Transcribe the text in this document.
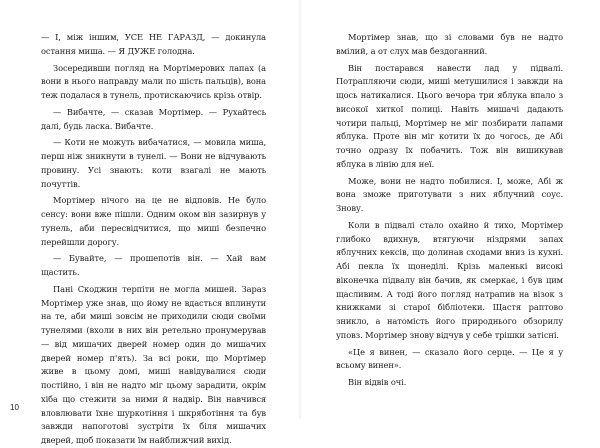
— І, між іншим, УСЕ НЕ ГАРАЗД, — докинула остання миша. — Я ДУЖЕ голодна.

Зосередивши погляд на Мортімерових лапах (а вони в нього направду мали по шість пальців), вона теж подалася в тунель, протискаючись крізь отвір.

— Вибачте, — сказав Мортімер. — Рухайтесь далі, будь ласка. Вибачте.

— Коти не можуть вибачатися, — мовила миша, перш ніж зникнути в тунелі. — Вони не відчувають провину. Усі знають: коти взагалі не мають почуттів.

Мортімер нічого на це не відповів. Не було сенсу: вони вже пішли. Одним оком він зазирнув у тунель, аби пересвідчитися, що миші безпечно перейшли дорогу.

— Бувайте, — прошепотів він. — Хай вам щастить.

Пані Скоджин терпіти не могла мишей. Зараз Мортімер уже знав, що йому не вдасться вплинути на те, аби миші зовсім не приходили сюди своїми тунелями (вхоли в них він ретельно пронумерував — від мишачих дверей номер один до мишачих дверей номер п'ять). За всі роки, що Мортімер живе в цьому домі, миші навідувалися сюди постійно, і він не надто міг цьому зарадити, окрім хіба що стежити за ними й надвір. Він навчився вловлювати їхнє шуркотіння і шкряботіння та був завжди напоготові зустріти їх біля мишачих дверей, щоб показати їм найближчий вихід.

10

Мортімер знав, що зі словами був не надто вмілий, а от слух мав бездоганний.

Він постарався навести лад у підвалі. Потрапляючи сюди, миші метушилися і завжди на щось натикалися. Цього вечора три яблука впало з високої хиткої полиці. Навіть мишачі дадають чотири пальці, Мортімер не мiг позбирати лапами яблука. Проте він міг котити їх до чогось, де Абі точно одразу їх побачить. Тож він вишикував яблука в лінію для неї.

Може, вони не надто побилися. І, може, Абі ж вона зможе приготувати з них яблучний соус. Знову.

Коли в підвалі стало охайно й тихо, Мортімер глибоко вдихнув, втягуючи ніздрями запах яблучних кексів, що долинав сходами вниз із кухні. Абі пекла їх щонеділі. Крізь маленькі високі віконечка підвалу він бачив, як смеркає, і був цим щасливим. А тоді його погляд натрапив на візок з книжками зі старої бібліотеки. Щастя раптово зникло, а натомість його природнього обзорилу уповз. Мортімер знову відчув у себе трішки затісні.

«Це я винен, — сказало його серце. — Це я у всьому винен».

Він відвів очі.
